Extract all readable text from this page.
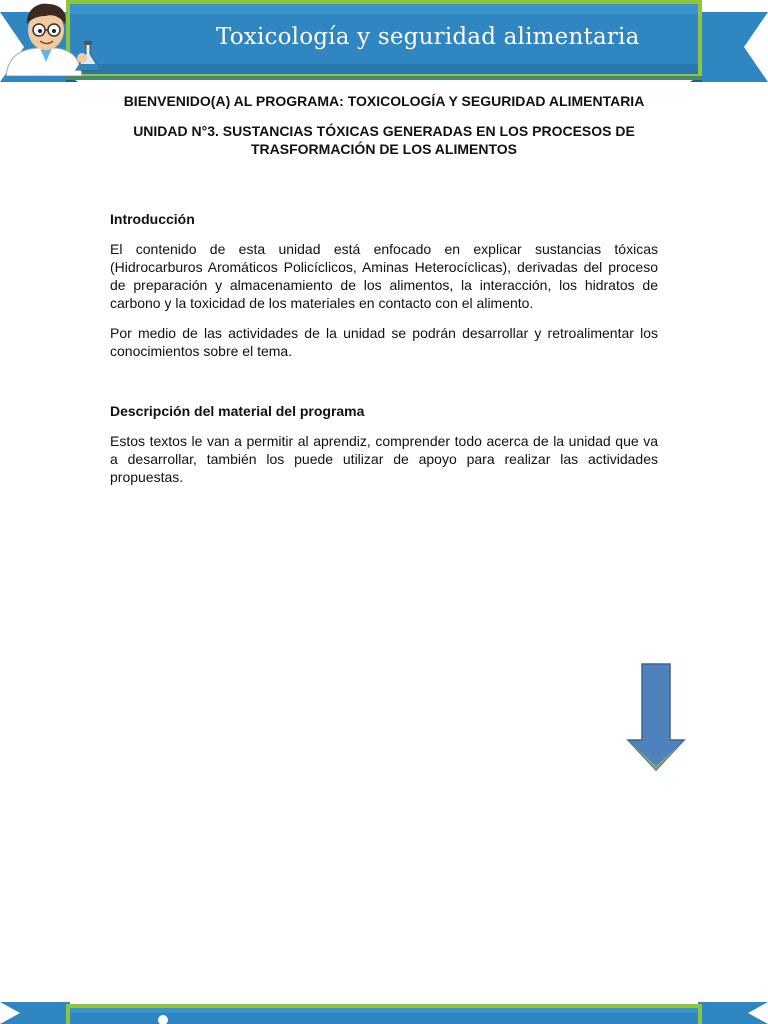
Toxicología y seguridad alimentaria

BIENVENIDO(A) AL PROGRAMA: TOXICOLOGÍA Y SEGURIDAD ALIMENTARIA

UNIDAD N°3. SUSTANCIAS TÓXICAS GENERADAS EN LOS PROCESOS DE TRASFORMACIÓN DE LOS ALIMENTOS

Introducción

El contenido de esta unidad está enfocado en explicar sustancias tóxicas (Hidrocarburos Aromáticos Policíclicos, Aminas Heterocíclicas), derivadas del proceso de preparación y almacenamiento de los alimentos, la interacción, los hidratos de carbono y la toxicidad de los materiales en contacto con el alimento.

Por medio de las actividades de la unidad se podrán desarrollar y retroalimentar los conocimientos sobre el tema.

Descripción del material del programa

Estos textos le van a permitir al aprendiz, comprender todo acerca de la unidad que va a desarrollar, también los puede utilizar de apoyo para realizar las actividades propuestas.
